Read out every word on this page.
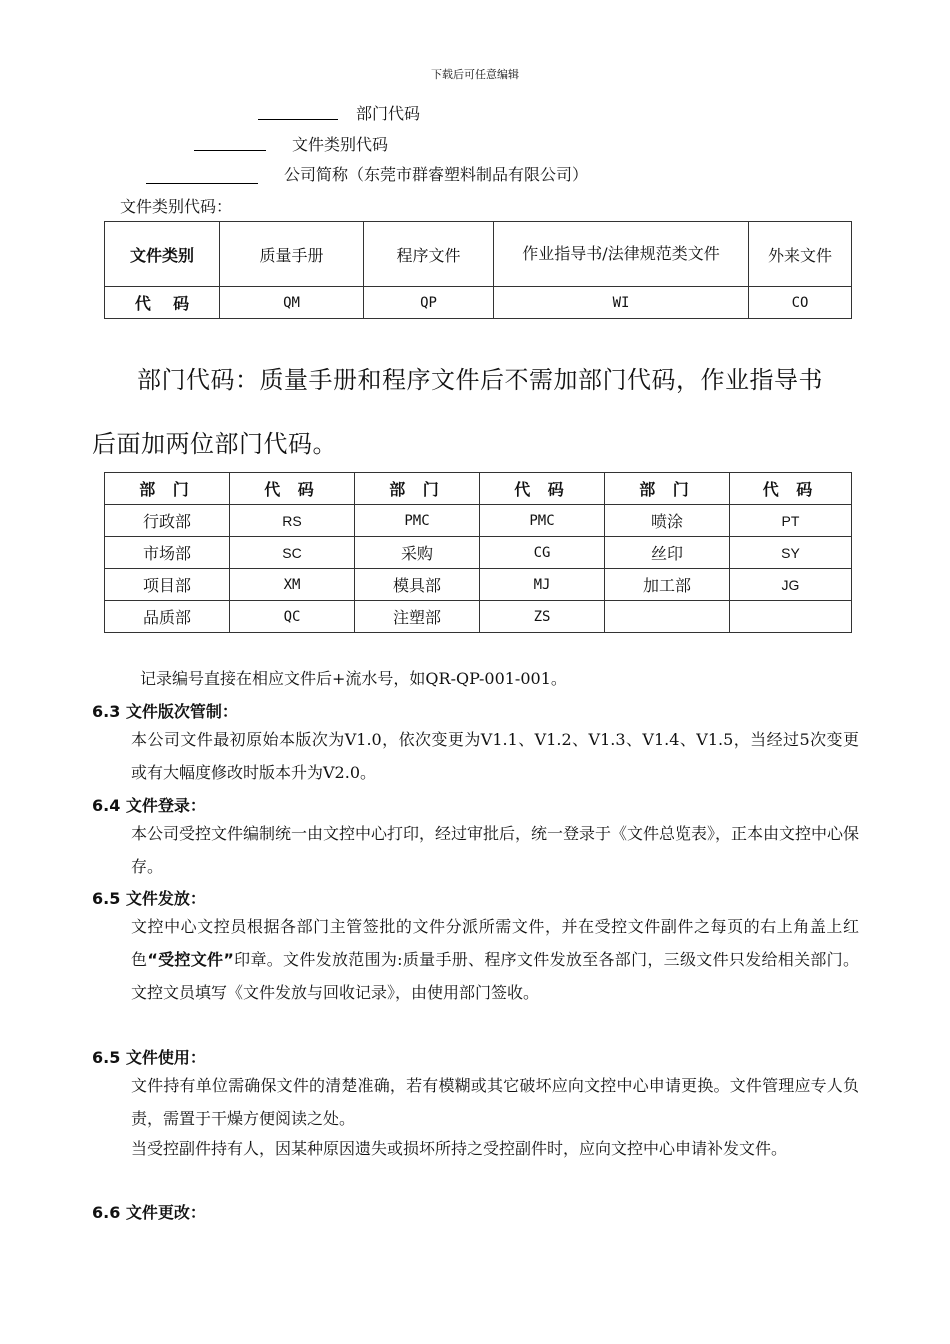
下载后可任意编辑
部门代码
文件类别代码
公司简称（东莞市群睿塑料制品有限公司）
文件类别代码：
文件类别	质量手册	程序文件	作业指导书/法律规范类文件	外来文件
代    码	QM	QP	WI	CO
部门代码：质量手册和程序文件后不需加部门代码，作业指导书
后面加两位部门代码。
部 门	代 码	部 门	代 码	部 门	代 码
行政部	RS	PMC	PMC	喷涂	PT
市场部	SC	采购	CG	丝印	SY
项目部	XM	模具部	MJ	加工部	JG
品质部	QC	注塑部	ZS		
记录编号直接在相应文件后+流水号，如QR-QP-001-001。
6.3 文件版次管制：
本公司文件最初原始本版次为V1.0，依次变更为V1.1、V1.2、V1.3、V1.4、V1.5，当经过5次变更或有大幅度修改时版本升为V2.0。
6.4 文件登录：
本公司受控文件编制统一由文控中心打印，经过审批后，统一登录于《文件总览表》，正本由文控中心保存。
6.5 文件发放：
文控中心文控员根据各部门主管签批的文件分派所需文件，并在受控文件副件之每页的右上角盖上红色“受控文件”印章。文件发放范围为:质量手册、程序文件发放至各部门，三级文件只发给相关部门。文控文员填写《文件发放与回收记录》，由使用部门签收。
6.5 文件使用：
文件持有单位需确保文件的清楚准确，若有模糊或其它破坏应向文控中心申请更换。文件管理应专人负责，需置于干燥方便阅读之处。
当受控副件持有人，因某种原因遗失或损坏所持之受控副件时，应向文控中心申请补发文件。
6.6 文件更改：
